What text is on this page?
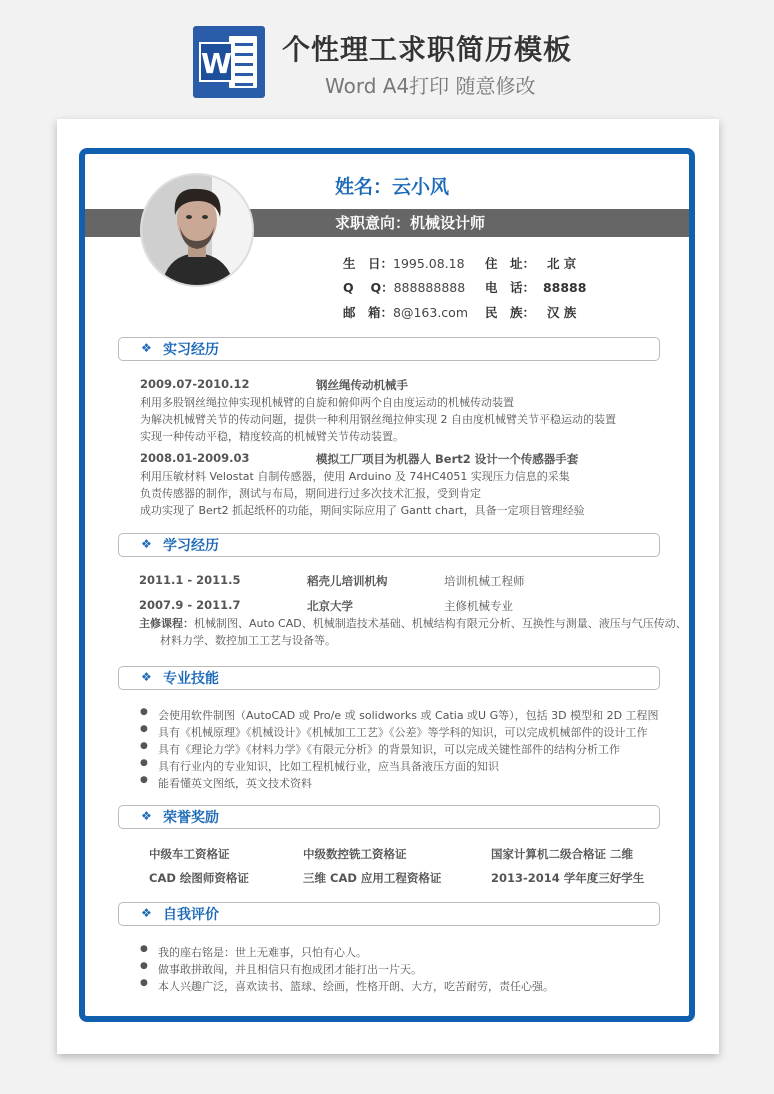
W 个性理工求职简历模板
Word A4打印 随意修改
姓名：云小风
求职意向：机械设计师
生　日：1995.08.18 住　址： 北 京
Q　 Q：888888888 电　话： 88888
邮　箱：8@163.com 民　族： 汉 族
❖ 实习经历
2009.07-2010.12	钢丝绳传动机械手
利用多股钢丝绳拉伸实现机械臂的自旋和俯仰两个自由度运动的机械传动装置
为解决机械臂关节的传动问题，提供一种利用钢丝绳拉伸实现 2 自由度机械臂关节平稳运动的装置
实现一种传动平稳，精度较高的机械臂关节传动装置。
2008.01-2009.03	模拟工厂项目为机器人 Bert2 设计一个传感器手套
利用压敏材料 Velostat 自制传感器，使用 Arduino 及 74HC4051 实现压力信息的采集
负责传感器的制作，测试与布局，期间进行过多次技术汇报，受到肯定
成功实现了 Bert2 抓起纸杯的功能，期间实际应用了 Gantt chart，具备一定项目管理经验
❖ 学习经历
2011.1 - 2011.5	稻壳儿培训机构	培训机械工程师
2007.9 - 2011.7	北京大学	主修机械专业
主修课程：机械制图、Auto CAD、机械制造技术基础、机械结构有限元分析、互换性与测量、液压与气压传动、
材料力学、数控加工工艺与设备等。
❖ 专业技能
● 会使用软件制图（AutoCAD 或 Pro/e 或 solidworks 或 Catia 或U G等），包括 3D 模型和 2D 工程图
● 具有《机械原理》《机械设计》《机械加工工艺》《公差》等学科的知识，可以完成机械部件的设计工作
● 具有《理论力学》《材料力学》《有限元分析》的背景知识，可以完成关键性部件的结构分析工作
● 具有行业内的专业知识，比如工程机械行业，应当具备液压方面的知识
● 能看懂英文图纸，英文技术资料
❖ 荣誉奖励
中级车工资格证	中级数控铣工资格证	国家计算机二级合格证 二维
CAD 绘图师资格证	三维 CAD 应用工程资格证	2013-2014 学年度三好学生
❖ 自我评价
● 我的座右铭是：世上无难事，只怕有心人。
● 做事敢拼敢闯，并且相信只有抱成团才能打出一片天。
● 本人兴趣广泛，喜欢读书、篮球、绘画，性格开朗、大方，吃苦耐劳，责任心强。
